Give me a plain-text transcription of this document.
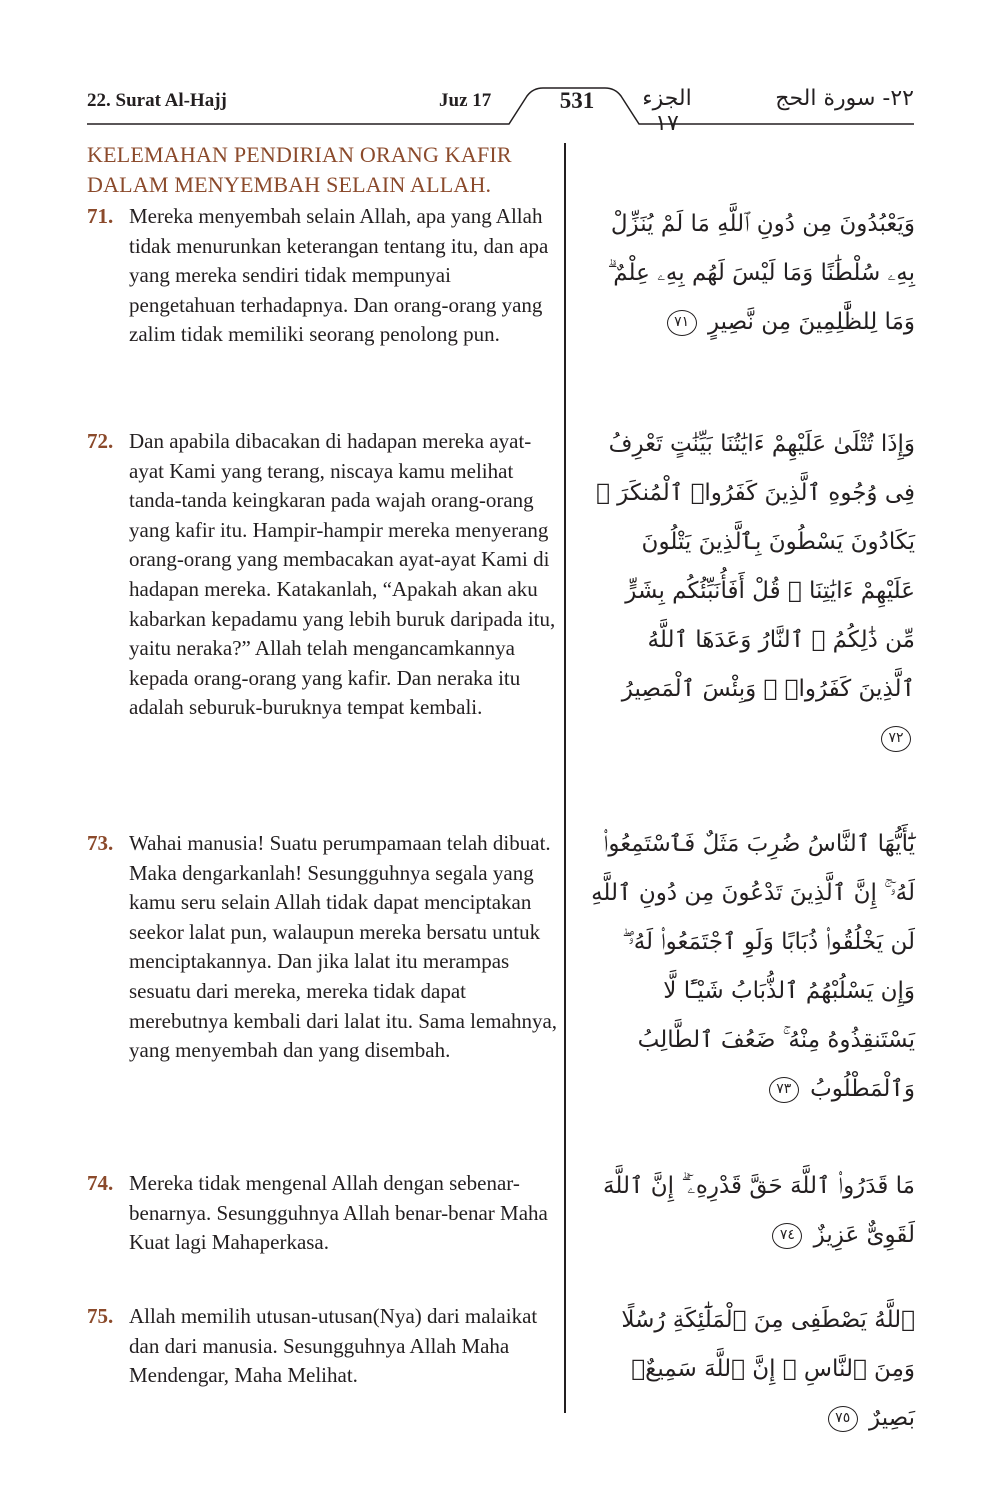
22. Surat Al-Hajj	Juz 17	531	الجزء ١٧
٢٢- سورة الحج
KELEMAHAN PENDIRIAN ORANG KAFIR DALAM MENYEMBAH SELAIN ALLAH.
71. Mereka menyembah selain Allah, apa yang Allah tidak menurunkan keterangan tentang itu, dan apa yang mereka sendiri tidak mempunyai pengetahuan terhadapnya. Dan orang-orang yang zalim tidak memiliki seorang penolong pun.
وَيَعْبُدُونَ مِن دُونِ ٱللَّهِ مَا لَمْ يُنَزِّلْ بِهِۦ سُلْطَٰنًا وَمَا لَيْسَ لَهُم بِهِۦ عِلْمٌ ۗ وَمَا لِلظَّٰلِمِينَ مِن نَّصِيرٍ ٧١
72. Dan apabila dibacakan di hadapan mereka ayat-ayat Kami yang terang, niscaya kamu melihat tanda-tanda keingkaran pada wajah orang-orang yang kafir itu. Hampir-hampir mereka menyerang orang-orang yang membacakan ayat-ayat Kami di hadapan mereka. Katakanlah, “Apakah akan aku kabarkan kepadamu yang lebih buruk daripada itu, yaitu neraka?” Allah telah mengancamkannya kepada orang-orang yang kafir. Dan neraka itu adalah seburuk-buruknya tempat kembali.
وَإِذَا تُتْلَىٰ عَلَيْهِمْ ءَايَٰتُنَا بَيِّنَٰتٍ تَعْرِفُ فِى وُجُوهِ ٱلَّذِينَ كَفَرُوا۟ ٱلْمُنكَرَ ۖ يَكَادُونَ يَسْطُونَ بِٱلَّذِينَ يَتْلُونَ عَلَيْهِمْ ءَايَٰتِنَا ۗ قُلْ أَفَأُنَبِّئُكُم بِشَرٍّ مِّن ذَٰلِكُمُ ۗ ٱلنَّارُ وَعَدَهَا ٱللَّهُ ٱلَّذِينَ كَفَرُوا۟ ۖ وَبِئْسَ ٱلْمَصِيرُ ٧٢
73. Wahai manusia! Suatu perumpamaan telah dibuat. Maka dengarkanlah! Sesungguhnya segala yang kamu seru selain Allah tidak dapat menciptakan seekor lalat pun, walaupun mereka bersatu untuk menciptakannya. Dan jika lalat itu merampas sesuatu dari mereka, mereka tidak dapat merebutnya kembali dari lalat itu. Sama lemahnya, yang menyembah dan yang disembah.
يَٰٓأَيُّهَا ٱلنَّاسُ ضُرِبَ مَثَلٌ فَٱسْتَمِعُوا۟ لَهُۥٓ ۚ إِنَّ ٱلَّذِينَ تَدْعُونَ مِن دُونِ ٱللَّهِ لَن يَخْلُقُوا۟ ذُبَابًا وَلَوِ ٱجْتَمَعُوا۟ لَهُۥ ۖ وَإِن يَسْلُبْهُمُ ٱلذُّبَابُ شَيْـًٔا لَّا يَسْتَنقِذُوهُ مِنْهُ ۚ ضَعُفَ ٱلطَّالِبُ وَٱلْمَطْلُوبُ ٧٣
74. Mereka tidak mengenal Allah dengan sebenar-benarnya. Sesungguhnya Allah benar-benar Maha Kuat lagi Mahaperkasa.
مَا قَدَرُوا۟ ٱللَّهَ حَقَّ قَدْرِهِۦٓ ۗ إِنَّ ٱللَّهَ لَقَوِىٌّ عَزِيزٌ ٧٤
75. Allah memilih utusan-utusan(Nya) dari malaikat dan dari manusia. Sesungguhnya Allah Maha Mendengar, Maha Melihat.
ٱللَّهُ يَصْطَفِى مِنَ ٱلْمَلَٰٓئِكَةِ رُسُلًا وَمِنَ ٱلنَّاسِ ۚ إِنَّ ٱللَّهَ سَمِيعٌۢ بَصِيرٌ ٧٥
